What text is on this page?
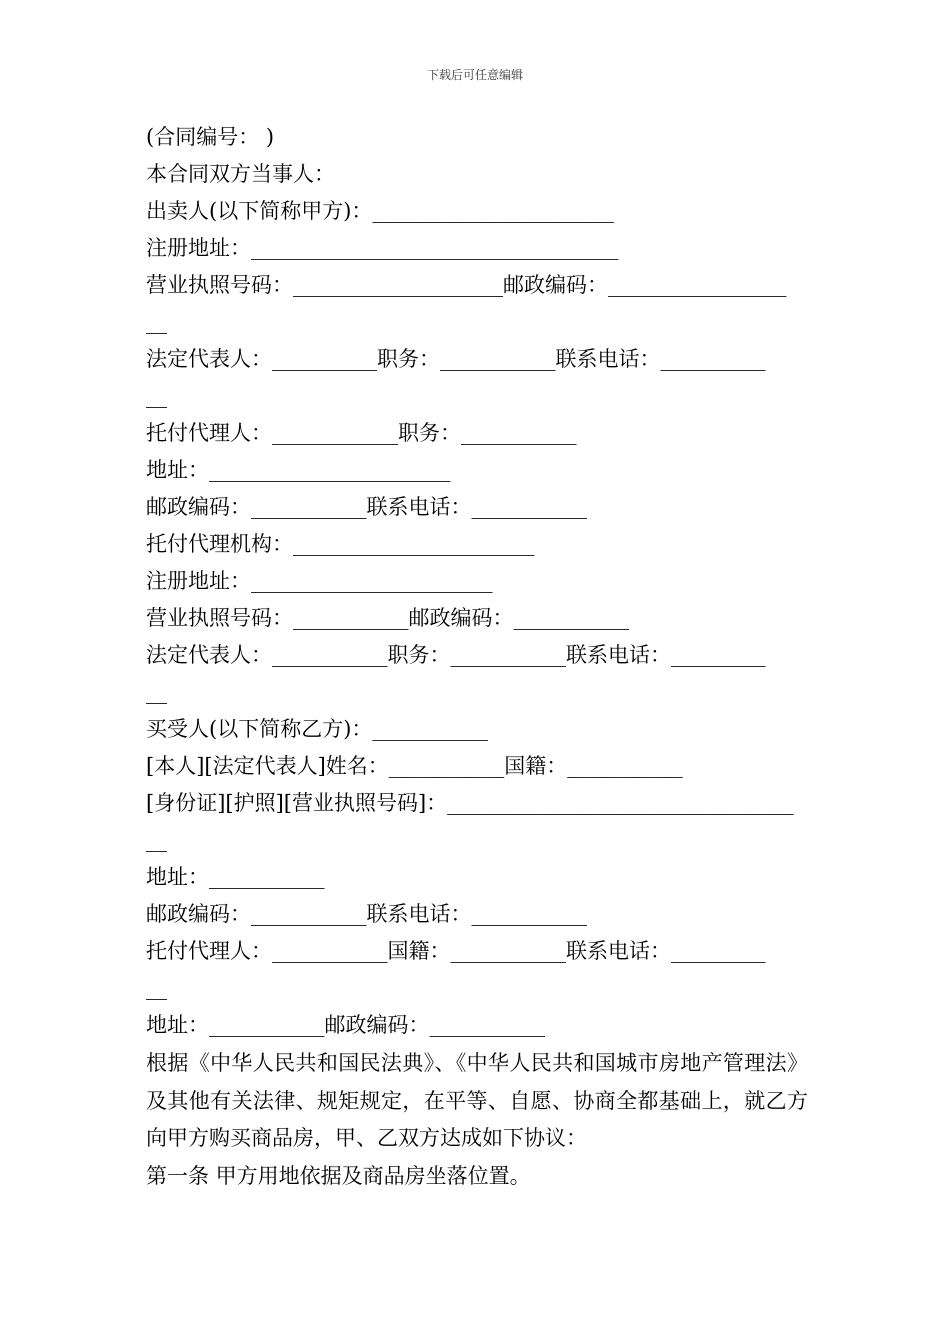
下载后可任意编辑
(合同编号： )
本合同双方当事人：
出卖人(以下简称甲方)：_______________________
注册地址：___________________________________
营业执照号码：____________________邮政编码：_________________
__
法定代表人：__________职务：___________联系电话：__________
__
托付代理人：____________职务：___________
地址：_______________________
邮政编码：___________联系电话：___________
托付代理机构：_______________________
注册地址：_______________________
营业执照号码：___________邮政编码：___________
法定代表人：___________职务：___________联系电话：_________
__
买受人(以下简称乙方)：___________
[本人][法定代表人]姓名：___________国籍：___________
[身份证][护照][营业执照号码]：_________________________________
__
地址：___________
邮政编码：___________联系电话：___________
托付代理人：___________国籍：___________联系电话：_________
__
地址：___________邮政编码：___________
根据《中华人民共和国民法典》、《中华人民共和国城市房地产管理法》及其他有关法律、规矩规定，在平等、自愿、协商全都基础上，就乙方向甲方购买商品房，甲、乙双方达成如下协议：
第一条 甲方用地依据及商品房坐落位置。
